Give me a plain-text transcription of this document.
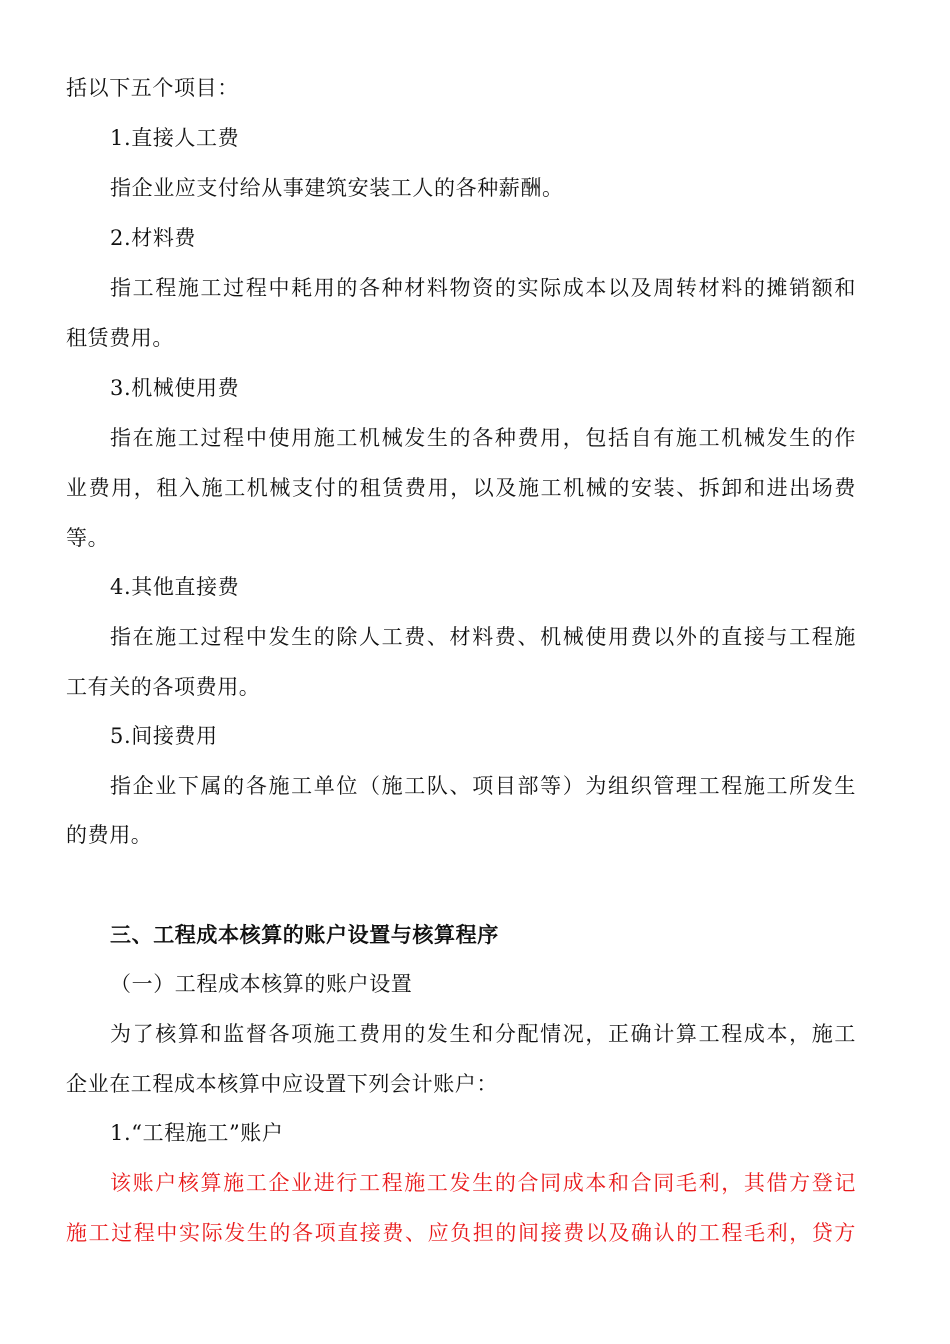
括以下五个项目：
1.直接人工费
指企业应支付给从事建筑安装工人的各种薪酬。
2.材料费
指工程施工过程中耗用的各种材料物资的实际成本以及周转材料的摊销额和
租赁费用。
3.机械使用费
指在施工过程中使用施工机械发生的各种费用，包括自有施工机械发生的作
业费用，租入施工机械支付的租赁费用，以及施工机械的安装、拆卸和进出场费
等。
4.其他直接费
指在施工过程中发生的除人工费、材料费、机械使用费以外的直接与工程施
工有关的各项费用。
5.间接费用
指企业下属的各施工单位（施工队、项目部等）为组织管理工程施工所发生
的费用。
三、工程成本核算的账户设置与核算程序
（一）工程成本核算的账户设置
为了核算和监督各项施工费用的发生和分配情况，正确计算工程成本，施工
企业在工程成本核算中应设置下列会计账户：
1.“工程施工”账户
该账户核算施工企业进行工程施工发生的合同成本和合同毛利，其借方登记
施工过程中实际发生的各项直接费、应负担的间接费以及确认的工程毛利，贷方
